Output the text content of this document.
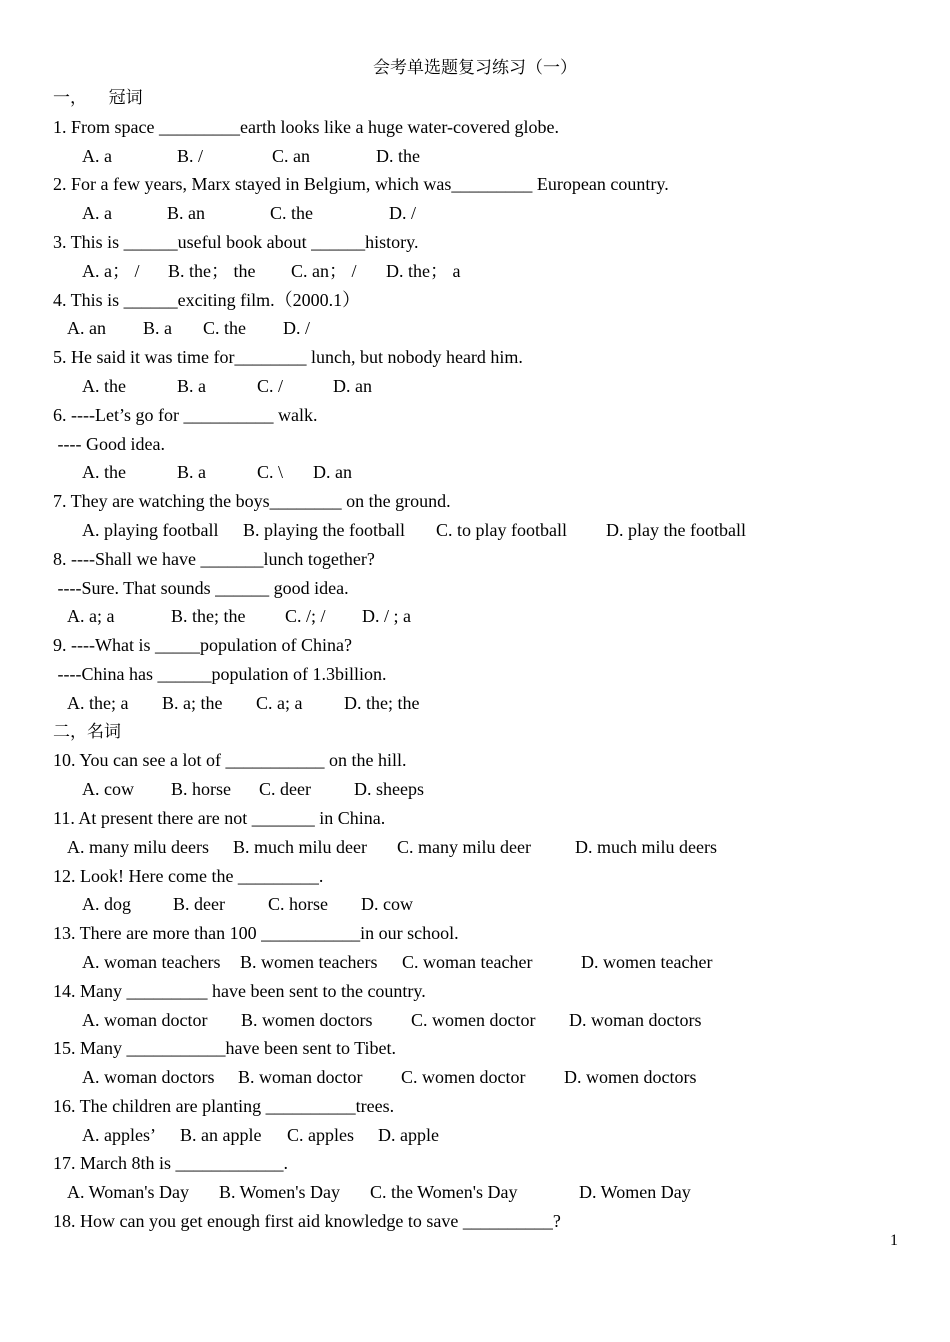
会考单选题复习练习（一）
一，    冠词
1. From space _________earth looks like a huge water-covered globe.
A. a	B. /	C. an	D. the
2. For a few years, Marx stayed in Belgium, which was_________ European country.
A. a	B. an	C. the	D. /
3. This is ______useful book about ______history.
A. a； / B. the； the C. an； / D. the； a
4. This is ______exciting film.（2000.1）
A. an B. a C. the D. /
5. He said it was time for________ lunch, but nobody heard him.
A. the	B. a	C. /	D. an
6. ----Let’s go for __________ walk.
---- Good idea.
A. the	B. a	C. \ D. an
7. They are watching the boys________ on the ground.
A. playing football B. playing the football C. to play football D. play the football
8. ----Shall we have _______lunch together?
----Sure. That sounds ______ good idea.
A. a; a	B. the; the C. /; / D. / ; a
9. ----What is _____population of China?
----China has ______population of 1.3billion.
A. the; a B. a; the C. a; a D. the; the
二，名词
10. You can see a lot of ___________ on the hill.
A. cow B. horse C. deer D. sheeps
11. At present there are not _______ in China.
A. many milu deers B. much milu deer C. many milu deer D. much milu deers
12. Look! Here come the _________.
A. dog B. deer C. horse D. cow
13. There are more than 100 ___________in our school.
A. woman teachers B. women teachers C. woman teacher	D. women teacher
14. Many _________ have been sent to the country.
A. woman doctor B. women doctors C. women doctor D. woman doctors
15. Many ___________have been sent to Tibet.
A. woman doctors B. woman doctor C. women doctor D. women doctors
16. The children are planting __________trees.
A. apples’ B. an apple C. apples D. apple
17. March 8th is ____________.
A. Woman's Day B. Women's Day C. the Women's Day	D. Women Day
18. How can you get enough first aid knowledge to save __________?
1
